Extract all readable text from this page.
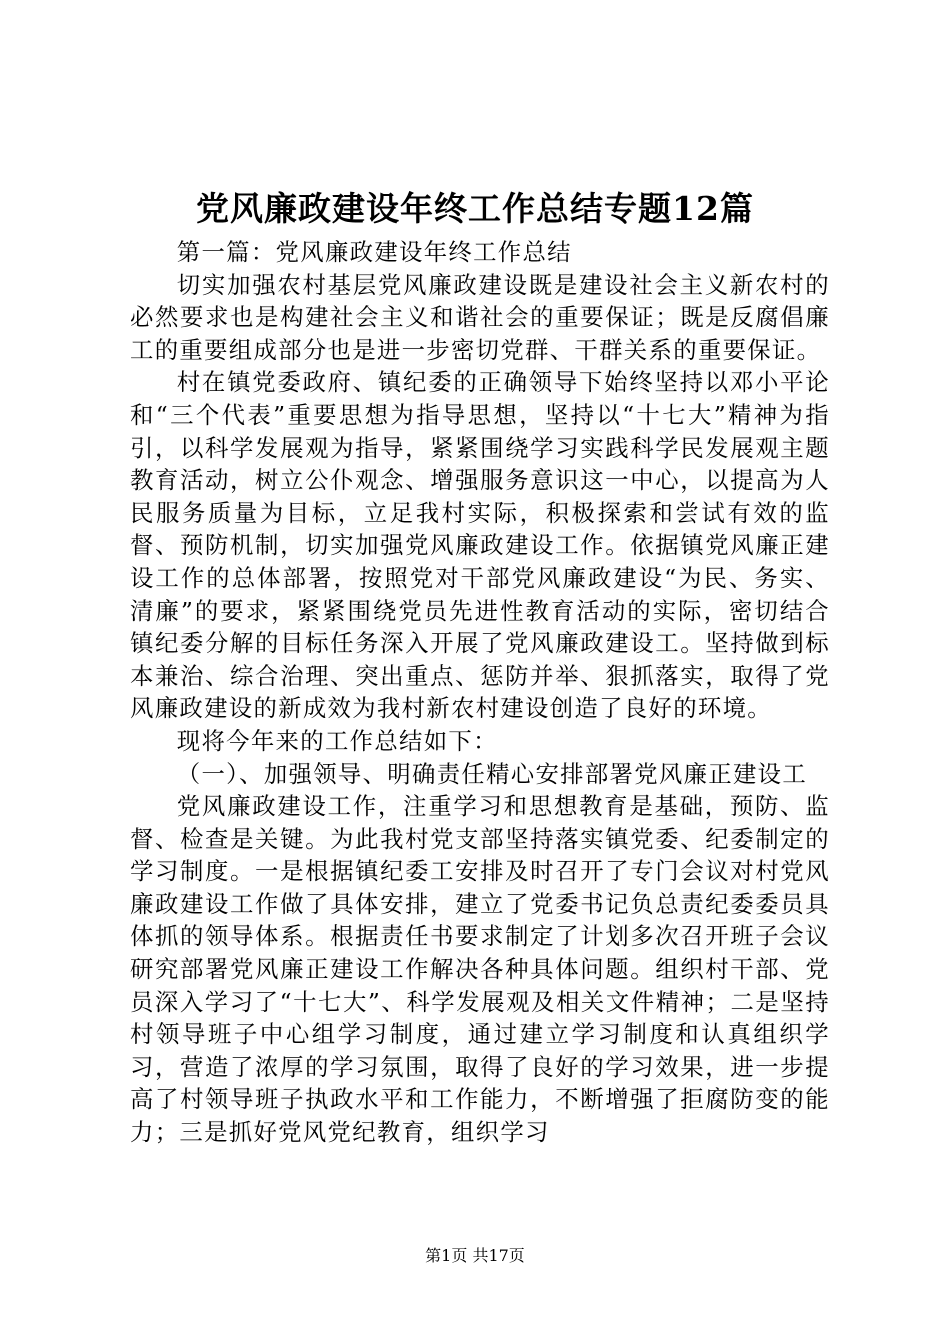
党风廉政建设年终工作总结专题12篇

第一篇：党风廉政建设年终工作总结

切实加强农村基层党风廉政建设既是建设社会主义新农村的必然要求也是构建社会主义和谐社会的重要保证；既是反腐倡廉工的重要组成部分也是进一步密切党群、干群关系的重要保证。

村在镇党委政府、镇纪委的正确领导下始终坚持以邓小平论和“三个代表”重要思想为指导思想，坚持以“十七大”精神为指引，以科学发展观为指导，紧紧围绕学习实践科学民发展观主题教育活动，树立公仆观念、增强服务意识这一中心，以提高为人民服务质量为目标，立足我村实际，积极探索和尝试有效的监督、预防机制，切实加强党风廉政建设工作。依据镇党风廉正建设工作的总体部署，按照党对干部党风廉政建设“为民、务实、清廉”的要求，紧紧围绕党员先进性教育活动的实际，密切结合镇纪委分解的目标任务深入开展了党风廉政建设工。坚持做到标本兼治、综合治理、突出重点、惩防并举、狠抓落实，取得了党风廉政建设的新成效为我村新农村建设创造了良好的环境。

现将今年来的工作总结如下：

（一）、加强领导、明确责任精心安排部署党风廉正建设工

党风廉政建设工作，注重学习和思想教育是基础，预防、监督、检查是关键。为此我村党支部坚持落实镇党委、纪委制定的学习制度。一是根据镇纪委工安排及时召开了专门会议对村党风廉政建设工作做了具体安排，建立了党委书记负总责纪委委员具体抓的领导体系。根据责任书要求制定了计划多次召开班子会议研究部署党风廉正建设工作解决各种具体问题。组织村干部、党员深入学习了“十七大”、科学发展观及相关文件精神；二是坚持村领导班子中心组学习制度，通过建立学习制度和认真组织学习，营造了浓厚的学习氛围，取得了良好的学习效果，进一步提高了村领导班子执政水平和工作能力，不断增强了拒腐防变的能力；三是抓好党风党纪教育，组织学习

第1页 共17页
